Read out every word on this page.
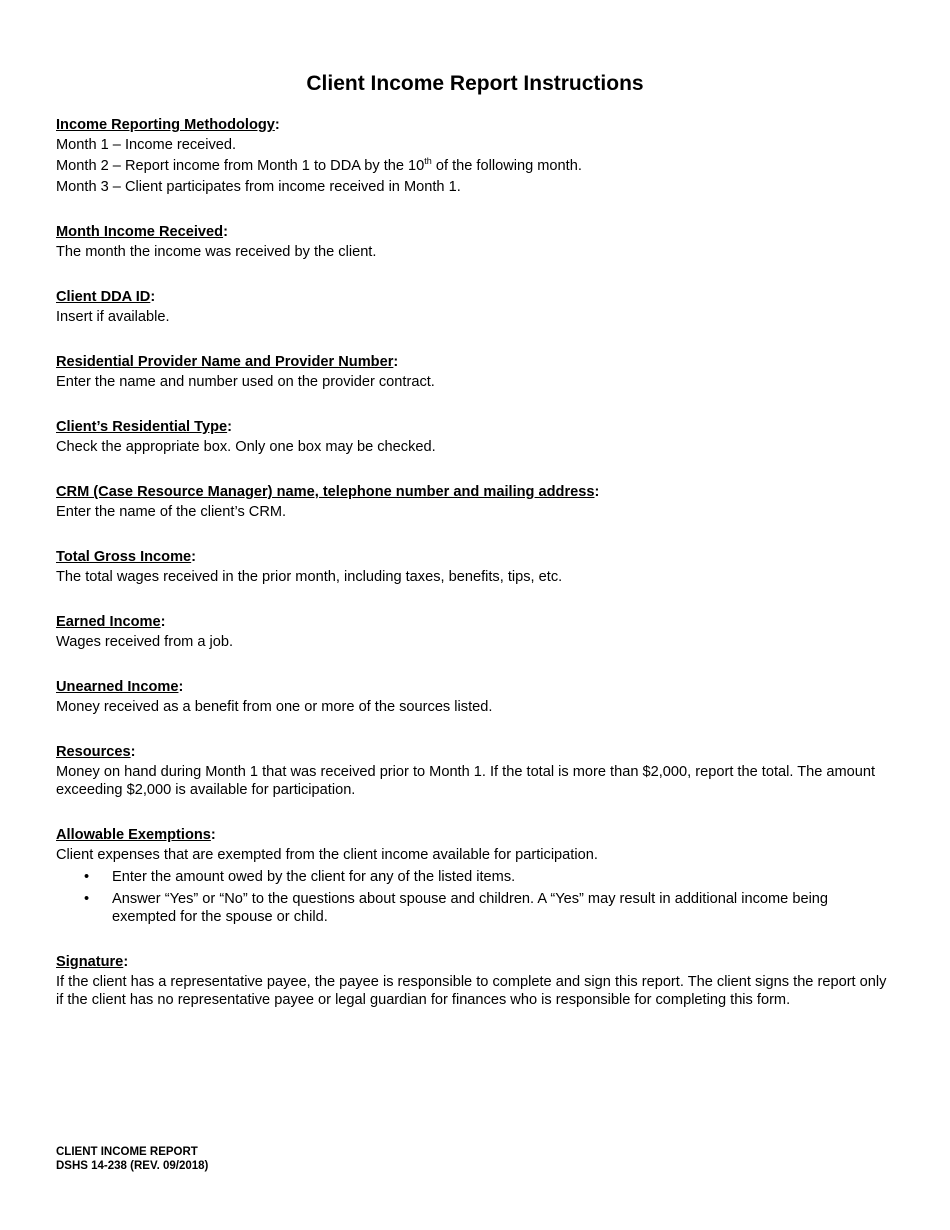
Client Income Report Instructions
Income Reporting Methodology:
Month 1 – Income received.
Month 2 – Report income from Month 1 to DDA by the 10th of the following month.
Month 3 – Client participates from income received in Month 1.
Month Income Received:

The month the income was received by the client.

Client DDA ID:

Insert if available.

Residential Provider Name and Provider Number:

Enter the name and number used on the provider contract.

Client’s Residential Type:

Check the appropriate box. Only one box may be checked.

CRM (Case Resource Manager) name, telephone number and mailing address:

Enter the name of the client’s CRM.

Total Gross Income:

The total wages received in the prior month, including taxes, benefits, tips, etc.

Earned Income:

Wages received from a job.

Unearned Income:

Money received as a benefit from one or more of the sources listed.

Resources:

Money on hand during Month 1 that was received prior to Month 1. If the total is more than $2,000, report the total. The amount exceeding $2,000 is available for participation.

Allowable Exemptions:

Client expenses that are exempted from the client income available for participation.

• Enter the amount owed by the client for any of the listed items.
• Answer “Yes” or “No” to the questions about spouse and children. A “Yes” may result in additional income being exempted for the spouse or child.
Signature:

If the client has a representative payee, the payee is responsible to complete and sign this report. The client signs the report only if the client has no representative payee or legal guardian for finances who is responsible for completing this form.

CLIENT INCOME REPORT
DSHS 14-238 (REV. 09/2018)
